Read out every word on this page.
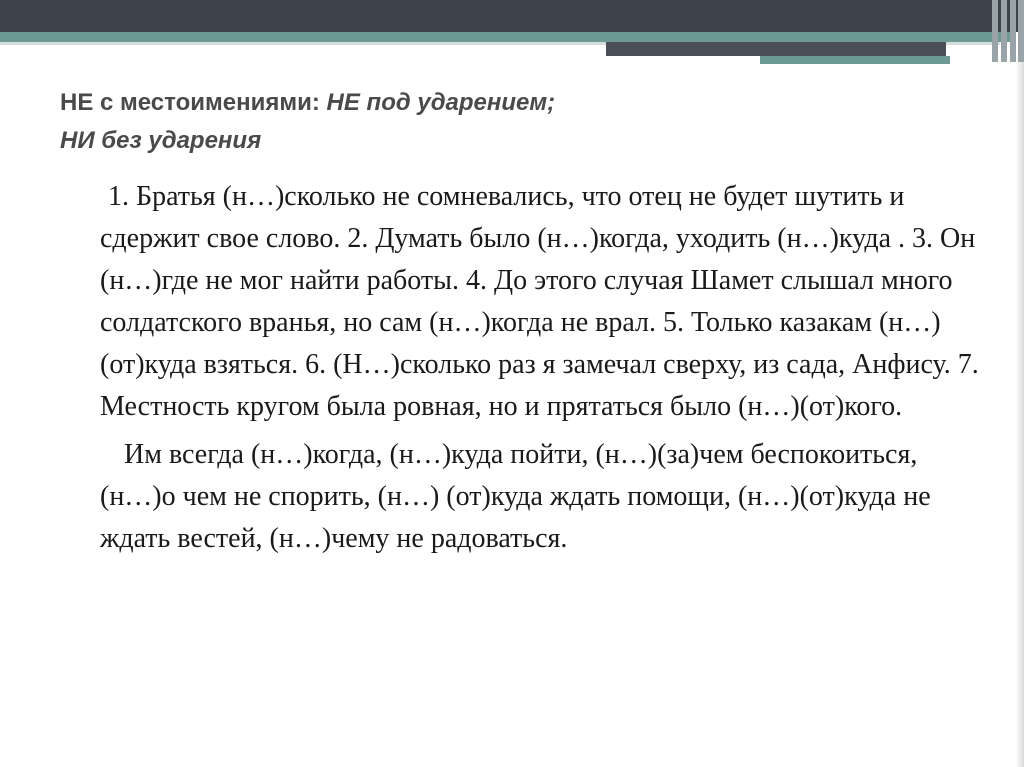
НЕ с местоимениями: НЕ под ударением;
НИ без ударения

1. Братья (н…)сколько не сомневались, что отец не будет шутить и сдержит свое слово. 2. Думать было (н…)когда, уходить (н…)куда . 3. Он (н…)где не мог найти работы. 4. До этого случая Шамет слышал много солдатского вранья, но сам (н…)когда не врал. 5. Только казакам (н…)(от)куда взяться. 6. (Н…)сколько раз я замечал сверху, из сада, Анфису. 7. Местность кругом была ровная, но и прятаться было (н…)(от)кого.

Им всегда (н…)когда, (н…)куда пойти, (н…)(за)чем беспокоиться, (н…)о чем не спорить, (н…) (от)куда ждать помощи, (н…)(от)куда не ждать вестей, (н…)чему не радоваться.
